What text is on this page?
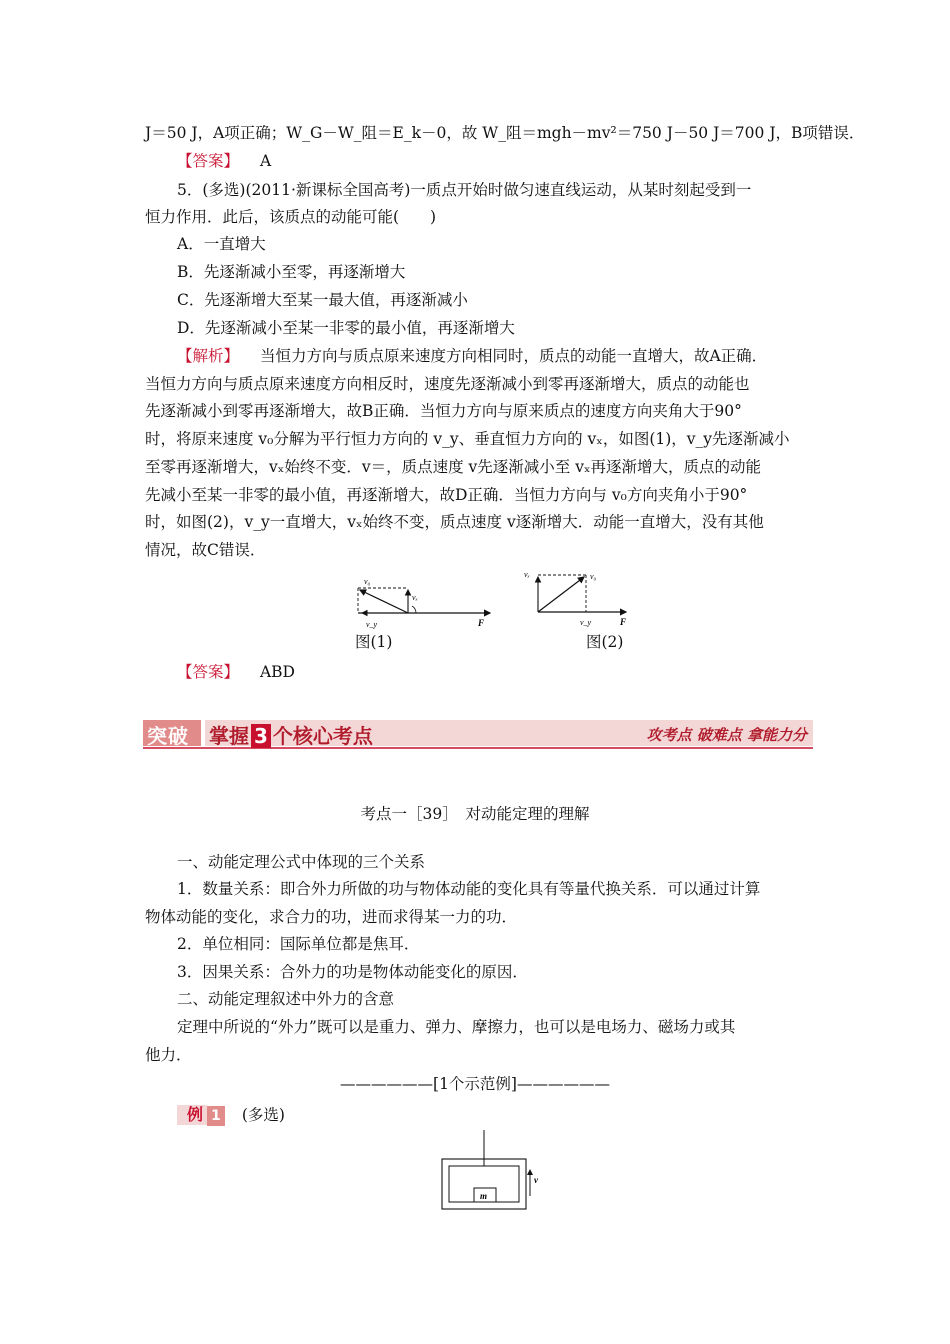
J＝50 J，A项正确；W_G－W_阻＝E_k－0，故 W_阻＝mgh－mv²＝750 J－50 J＝700 J，B项错误．
【答案】 A
5．(多选)(2011·新课标全国高考)一质点开始时做匀速直线运动，从某时刻起受到一
恒力作用．此后，该质点的动能可能(　　)
A．一直增大
B．先逐渐减小至零，再逐渐增大
C．先逐渐增大至某一最大值，再逐渐减小
D．先逐渐减小至某一非零的最小值，再逐渐增大
【解析】 当恒力方向与质点原来速度方向相同时，质点的动能一直增大，故A正确．
当恒力方向与质点原来速度方向相反时，速度先逐渐减小到零再逐渐增大，质点的动能也
先逐渐减小到零再逐渐增大，故B正确．当恒力方向与原来质点的速度方向夹角大于90°
时，将原来速度 v₀分解为平行恒力方向的 v_y、垂直恒力方向的 vₓ，如图(1)，v_y先逐渐减小
至零再逐渐增大，vₓ始终不变．v＝，质点速度 v先逐渐减小至 vₓ再逐渐增大，质点的动能
先减小至某一非零的最小值，再逐渐增大，故D正确．当恒力方向与 v₀方向夹角小于90°
时，如图(2)，v_y一直增大，vₓ始终不变，质点速度 v逐渐增大．动能一直增大，没有其他
情况，故C错误．
v₀
vₓ
v_y	F
图(1)
vₓ	v₀
v_y	F
图(2)
【答案】 ABD
突破 掌握 3 个核心考点	攻考点 破难点 拿能力分
考点一［39］　对动能定理的理解
一、动能定理公式中体现的三个关系
1．数量关系：即合外力所做的功与物体动能的变化具有等量代换关系．可以通过计算
物体动能的变化，求合力的功，进而求得某一力的功．
2．单位相同：国际单位都是焦耳．
3．因果关系：合外力的功是物体动能变化的原因．
二、动能定理叙述中外力的含意
定理中所说的“外力”既可以是重力、弹力、摩擦力，也可以是电场力、磁场力或其
他力．
——————[1个示范例]——————
例 1 (多选)
m
v
